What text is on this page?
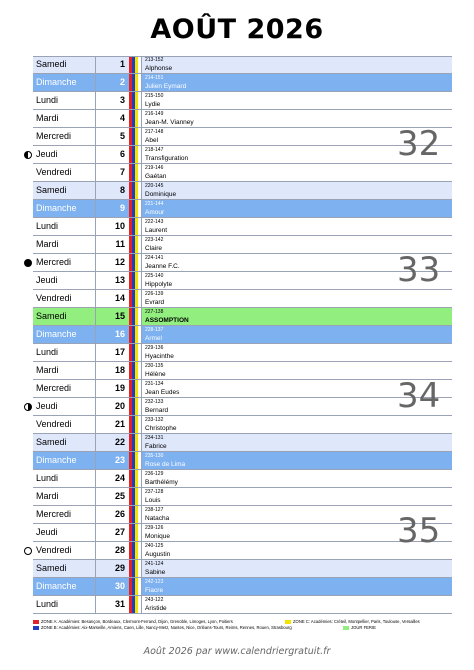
AOÛT 2026
Samedi	1	213-152
Alphonse
Dimanche	2	214-151
Julien Eymard
Lundi	3	215-150
Lydie
Mardi	4	216-149
Jean-M. Vianney
Mercredi	5	217-148
Abel
Jeudi	6	218-147
Transfiguration
Vendredi	7	219-146
Gaétan
Samedi	8	220-145
Dominique
Dimanche	9	221-144
Amour
Lundi	10	222-143
Laurent
Mardi	11	223-142
Claire
Mercredi	12	224-141
Jeanne F.C.
Jeudi	13	225-140
Hippolyte
Vendredi	14	226-139
Evrard
Samedi	15	227-138
ASSOMPTION
Dimanche	16	228-137
Armel
Lundi	17	229-136
Hyacinthe
Mardi	18	230-135
Hélène
Mercredi	19	231-134
Jean Eudes
Jeudi	20	232-133
Bernard
Vendredi	21	233-132
Christophe
Samedi	22	234-131
Fabrice
Dimanche	23	235-130
Rose de Lima
Lundi	24	236-129
Barthélémy
Mardi	25	237-128
Louis
Mercredi	26	238-127
Natacha
Jeudi	27	239-126
Monique
Vendredi	28	240-125
Augustin
Samedi	29	241-124
Sabine
Dimanche	30	242-123
Fiacre
Lundi	31	243-122
Aristide
32
33
34
35
ZONE A: Académies: Besançon, Bordeaux, Clermont-Ferrand, Dijon, Grenoble, Limoges, Lyon, Poitiers
ZONE B: Académies: Aix-Marseille, Amiens, Caen, Lille, Nancy-Metz, Nantes, Nice, Orléans-Tours, Reims, Rennes, Rouen, Strasbourg
ZONE C: Académies: Créteil, Montpellier, Paris, Toulouse, Versailles
JOUR FERIE
Août 2026 par www.calendriergratuit.fr
